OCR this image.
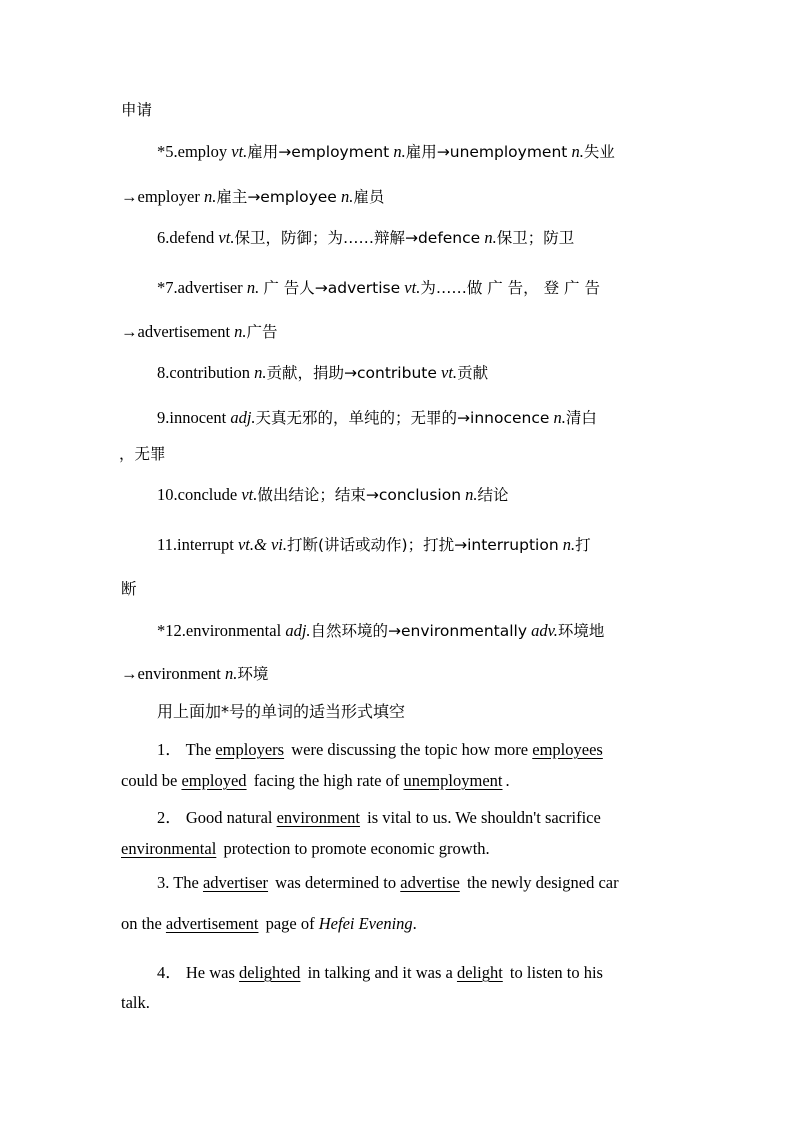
申请
*5.employ vt.雇用→employment n.雇用→unemployment n.失业
→employer n.雇主→employee n.雇员
6.defend vt.保卫，防御；为……辩解→defence n.保卫；防卫
*7.advertiser n. 广 告人→advertise vt.为……做 广 告， 登 广 告
→advertisement n.广告
8.contribution n.贡献，捐助→contribute vt.贡献
9.innocent adj.天真无邪的，单纯的；无罪的→innocence n.清白
，无罪
10.conclude vt.做出结论；结束→conclusion n.结论
11.interrupt vt.& vi.打断(讲话或动作)；打扰→interruption n.打
断
*12.environmental adj.自然环境的→environmentally adv.环境地
→environment n.环境
用上面加*号的单词的适当形式填空
1． The employers were discussing the topic how more employees
could be employed facing the high rate of unemployment .
2． Good natural environment is vital to us. We shouldn't sacrifice
environmental protection to promote economic growth.
3. The advertiser was determined to advertise the newly designed car
on the advertisement page of Hefei Evening.
4． He was delighted in talking and it was a delight to listen to his
talk.
